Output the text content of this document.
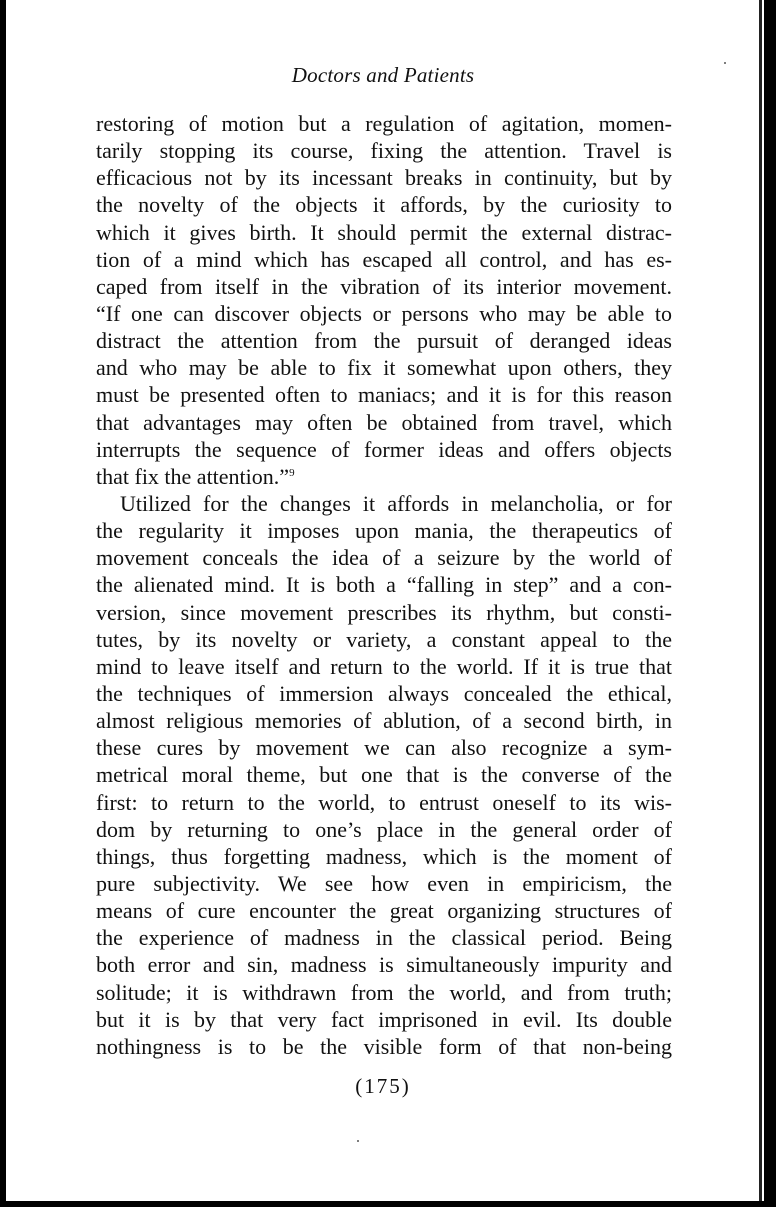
Doctors and Patients
restoring of motion but a regulation of agitation, momen-
tarily stopping its course, fixing the attention. Travel is
efficacious not by its incessant breaks in continuity, but by
the novelty of the objects it affords, by the curiosity to
which it gives birth. It should permit the external distrac-
tion of a mind which has escaped all control, and has es-
caped from itself in the vibration of its interior movement.
“If one can discover objects or persons who may be able to
distract the attention from the pursuit of deranged ideas
and who may be able to fix it somewhat upon others, they
must be presented often to maniacs; and it is for this reason
that advantages may often be obtained from travel, which
interrupts the sequence of former ideas and offers objects
that fix the attention.”$^9$
Utilized for the changes it affords in melancholia, or for
the regularity it imposes upon mania, the therapeutics of
movement conceals the idea of a seizure by the world of
the alienated mind. It is both a “falling in step” and a con-
version, since movement prescribes its rhythm, but consti-
tutes, by its novelty or variety, a constant appeal to the
mind to leave itself and return to the world. If it is true that
the techniques of immersion always concealed the ethical,
almost religious memories of ablution, of a second birth, in
these cures by movement we can also recognize a sym-
metrical moral theme, but one that is the converse of the
first: to return to the world, to entrust oneself to its wis-
dom by returning to one’s place in the general order of
things, thus forgetting madness, which is the moment of
pure subjectivity. We see how even in empiricism, the
means of cure encounter the great organizing structures of
the experience of madness in the classical period. Being
both error and sin, madness is simultaneously impurity and
solitude; it is withdrawn from the world, and from truth;
but it is by that very fact imprisoned in evil. Its double
nothingness is to be the visible form of that non-being
(175)
